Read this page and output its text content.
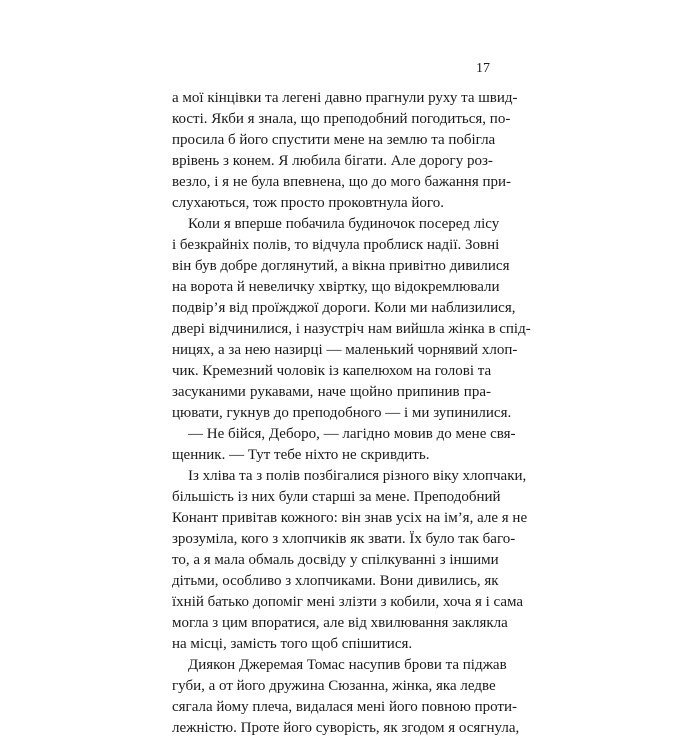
17
а мої кінцівки та легені давно прагнули руху та швид-
кості. Якби я знала, що преподобний погодиться, по-
просила б його спустити мене на землю та побігла
врівень з конем. Я любила бігати. Але дорогу роз-
везло, і я не була впевнена, що до мого бажання при-
слухаються, тож просто проковтнула його.
Коли я вперше побачила будиночок посеред лісу
і безкрайніх полів, то відчула проблиск надії. Зовні
він був добре доглянутий, а вікна привітно дивилися
на ворота й невеличку хвіртку, що відокремлювали
подвір’я від проїжджої дороги. Коли ми наблизилися,
двері відчинилися, і назустріч нам вийшла жінка в спід-
ницях, а за нею назирці — маленький чорнявий хлоп-
чик. Кремезний чоловік із капелюхом на голові та
засуканими рукавами, наче щойно припинив пра-
цювати, гукнув до преподобного — і ми зупинилися.
— Не бійся, Деборо, — лагідно мовив до мене свя-
щенник. — Тут тебе ніхто не скривдить.
Із хліва та з полів позбігалися різного віку хлопчаки,
більшість із них були старші за мене. Преподобний
Конант привітав кожного: він знав усіх на ім’я, але я не
зрозуміла, кого з хлопчиків як звати. Їх було так баго-
то, а я мала обмаль досвіду у спілкуванні з іншими
дітьми, особливо з хлопчиками. Вони дивились, як
їхній батько допоміг мені злізти з кобили, хоча я і сама
могла з цим впоратися, але від хвилювання заклякла
на місці, замість того щоб спішитися.
Диякон Джеремая Томас насупив брови та піджав
губи, а от його дружина Сюзанна, жінка, яка ледве
сягала йому плеча, видалася мені його повною проти-
лежністю. Проте його суворість, як згодом я осягнула,
